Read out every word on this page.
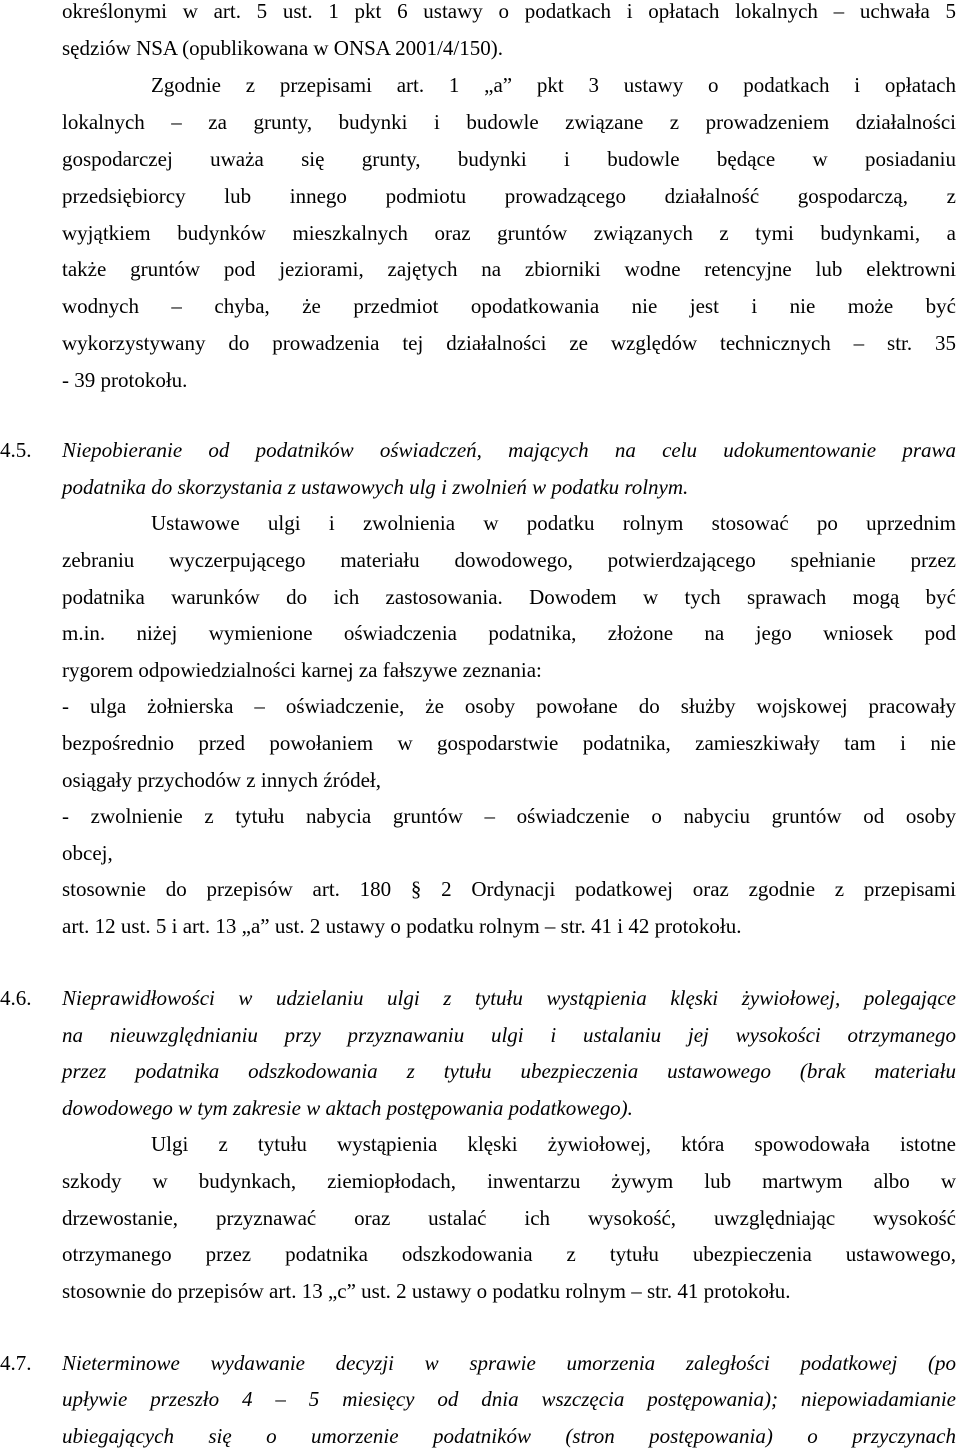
określonymi w art. 5 ust. 1 pkt 6 ustawy o podatkach i opłatach lokalnych – uchwała 5
sędziów NSA (opublikowana w ONSA 2001/4/150).
Zgodnie z przepisami art. 1 „a” pkt 3 ustawy o podatkach i opłatach
lokalnych – za grunty, budynki i budowle związane z prowadzeniem działalności
gospodarczej uważa się grunty, budynki i budowle będące w posiadaniu
przedsiębiorcy lub innego podmiotu prowadzącego działalność gospodarczą, z
wyjątkiem budynków mieszkalnych oraz gruntów związanych z tymi budynkami, a
także gruntów pod jeziorami, zajętych na zbiorniki wodne retencyjne lub elektrowni
wodnych – chyba, że przedmiot opodatkowania nie jest i nie może być
wykorzystywany do prowadzenia tej działalności ze względów technicznych – str. 35
- 39 protokołu.
Niepobieranie od podatników oświadczeń, mających na celu udokumentowanie prawa
podatnika do skorzystania z ustawowych ulg i zwolnień w podatku rolnym.
Ustawowe ulgi i zwolnienia w podatku rolnym stosować po uprzednim
zebraniu wyczerpującego materiału dowodowego, potwierdzającego spełnianie przez
podatnika warunków do ich zastosowania. Dowodem w tych sprawach mogą być
m.in. niżej wymienione oświadczenia podatnika, złożone na jego wniosek pod
rygorem odpowiedzialności karnej za fałszywe zeznania:
- ulga żołnierska – oświadczenie, że osoby powołane do służby wojskowej pracowały
bezpośrednio przed powołaniem w gospodarstwie podatnika, zamieszkiwały tam i nie
osiągały przychodów z innych źródeł,
- zwolnienie z tytułu nabycia gruntów – oświadczenie o nabyciu gruntów od osoby
obcej,
stosownie do przepisów art. 180 § 2 Ordynacji podatkowej oraz zgodnie z przepisami
art. 12 ust. 5 i art. 13 „a” ust. 2 ustawy o podatku rolnym – str. 41 i 42 protokołu.
Nieprawidłowości w udzielaniu ulgi z tytułu wystąpienia klęski żywiołowej, polegające
na nieuwzględnianiu przy przyznawaniu ulgi i ustalaniu jej wysokości otrzymanego
przez podatnika odszkodowania z tytułu ubezpieczenia ustawowego (brak materiału
dowodowego w tym zakresie w aktach postępowania podatkowego).
Ulgi z tytułu wystąpienia klęski żywiołowej, która spowodowała istotne
szkody w budynkach, ziemiopłodach, inwentarzu żywym lub martwym albo w
drzewostanie, przyznawać oraz ustalać ich wysokość, uwzględniając wysokość
otrzymanego przez podatnika odszkodowania z tytułu ubezpieczenia ustawowego,
stosownie do przepisów art. 13 „c” ust. 2 ustawy o podatku rolnym – str. 41 protokołu.
Nieterminowe wydawanie decyzji w sprawie umorzenia zaległości podatkowej (po
upływie przeszło 4 – 5 miesięcy od dnia wszczęcia postępowania); niepowiadamianie
ubiegających się o umorzenie podatników (stron postępowania) o przyczynach
4.5.
4.6.
4.7.
